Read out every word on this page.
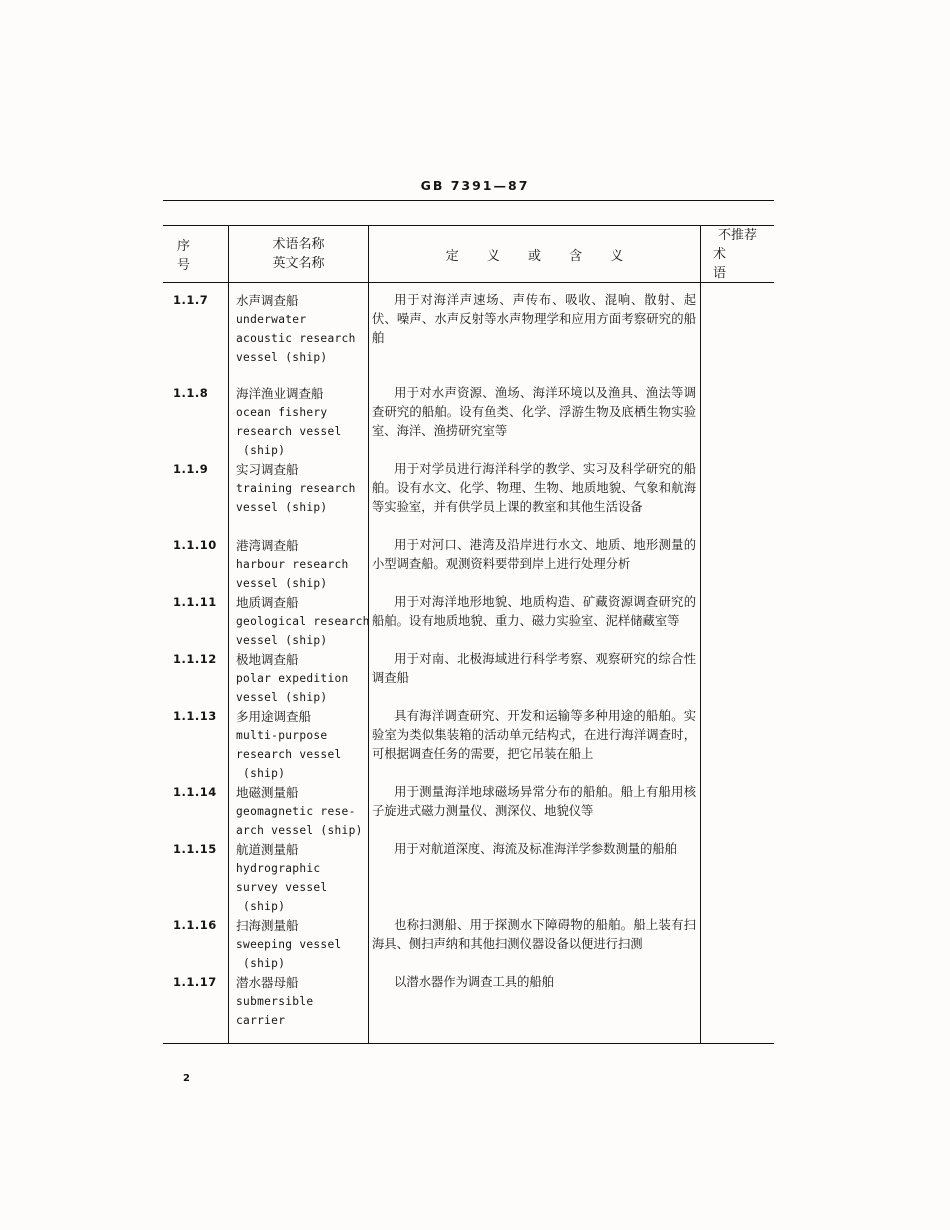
GB 7391—87
序 号
术语名称
英文名称	定 义 或 含 义
不推荐
术 语
1.1.7
1.1.8
1.1.9
1.1.10
1.1.11
1.1.12
1.1.13
1.1.14
1.1.15
1.1.16
1.1.17
水声调查船
underwater
acoustic research
vessel (ship)
海洋渔业调查船
ocean fishery
research vessel
(ship)
实习调查船
training research
vessel (ship)
港湾调查船
harbour research
vessel (ship)
地质调查船
geological research
vessel (ship)
极地调查船
polar expedition
vessel (ship)
多用途调查船
multi-purpose
research vessel
(ship)
地磁测量船
geomagnetic rese-
arch vessel (ship)
航道测量船
hydrographic
survey vessel
(ship)
扫海测量船
sweeping vessel
(ship)
潜水器母船
submersible
carrier
用于对海洋声速场、声传布、吸收、混响、散射、起伏、噪声、水声反射等水声物理学和应用方面考察研究的船舶
用于对水声资源、渔场、海洋环境以及渔具、渔法等调查研究的船舶。设有鱼类、化学、浮游生物及底栖生物实验室、海洋、渔捞研究室等
用于对学员进行海洋科学的教学、实习及科学研究的船舶。设有水文、化学、物理、生物、地质地貌、气象和航海等实验室，并有供学员上课的教室和其他生活设备
用于对河口、港湾及沿岸进行水文、地质、地形测量的小型调查船。观测资料要带到岸上进行处理分析
用于对海洋地形地貌、地质构造、矿藏资源调查研究的船舶。设有地质地貌、重力、磁力实验室、泥样储藏室等
用于对南、北极海域进行科学考察、观察研究的综合性调查船
具有海洋调查研究、开发和运输等多种用途的船舶。实验室为类似集装箱的活动单元结构式，在进行海洋调查时，可根据调查任务的需要，把它吊装在船上
用于测量海洋地球磁场异常分布的船舶。船上有船用核子旋进式磁力测量仪、测深仪、地貌仪等
用于对航道深度、海流及标准海洋学参数测量的船舶
也称扫测船、用于探测水下障碍物的船舶。船上装有扫海具、侧扫声纳和其他扫测仪器设备以便进行扫测
以潜水器作为调查工具的船舶
2
